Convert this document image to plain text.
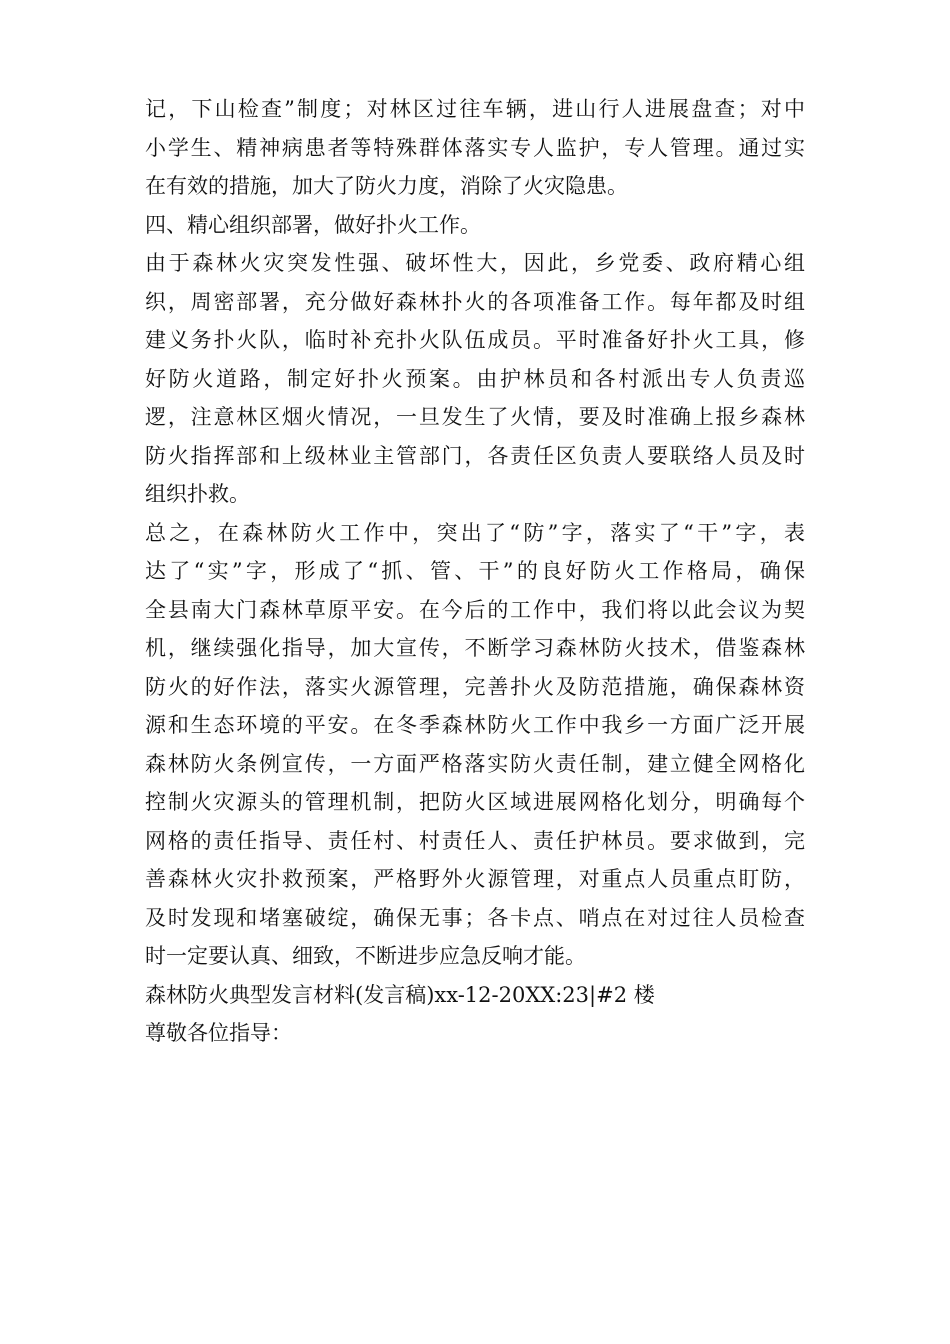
记，下山检查”制度；对林区过往车辆，进山行人进展盘查；对中
小学生、精神病患者等特殊群体落实专人监护，专人管理。通过实
在有效的措施，加大了防火力度，消除了火灾隐患。
四、精心组织部署，做好扑火工作。
由于森林火灾突发性强、破坏性大，因此，乡党委、政府精心组
织，周密部署，充分做好森林扑火的各项准备工作。每年都及时组
建义务扑火队，临时补充扑火队伍成员。平时准备好扑火工具，修
好防火道路，制定好扑火预案。由护林员和各村派出专人负责巡
逻，注意林区烟火情况，一旦发生了火情，要及时准确上报乡森林
防火指挥部和上级林业主管部门，各责任区负责人要联络人员及时
组织扑救。
总之，在森林防火工作中，突出了“防”字，落实了“干”字，表
达了“实”字，形成了“抓、管、干”的良好防火工作格局，确保
全县南大门森林草原平安。在今后的工作中，我们将以此会议为契
机，继续强化指导，加大宣传，不断学习森林防火技术，借鉴森林
防火的好作法，落实火源管理，完善扑火及防范措施，确保森林资
源和生态环境的平安。在冬季森林防火工作中我乡一方面广泛开展
森林防火条例宣传，一方面严格落实防火责任制，建立健全网格化
控制火灾源头的管理机制，把防火区域进展网格化划分，明确每个
网格的责任指导、责任村、村责任人、责任护林员。要求做到，完
善森林火灾扑救预案，严格野外火源管理，对重点人员重点盯防，
及时发现和堵塞破绽，确保无事；各卡点、哨点在对过往人员检查
时一定要认真、细致，不断进步应急反响才能。
森林防火典型发言材料(发言稿)xx-12-20XX:23|#2 楼
尊敬各位指导：
